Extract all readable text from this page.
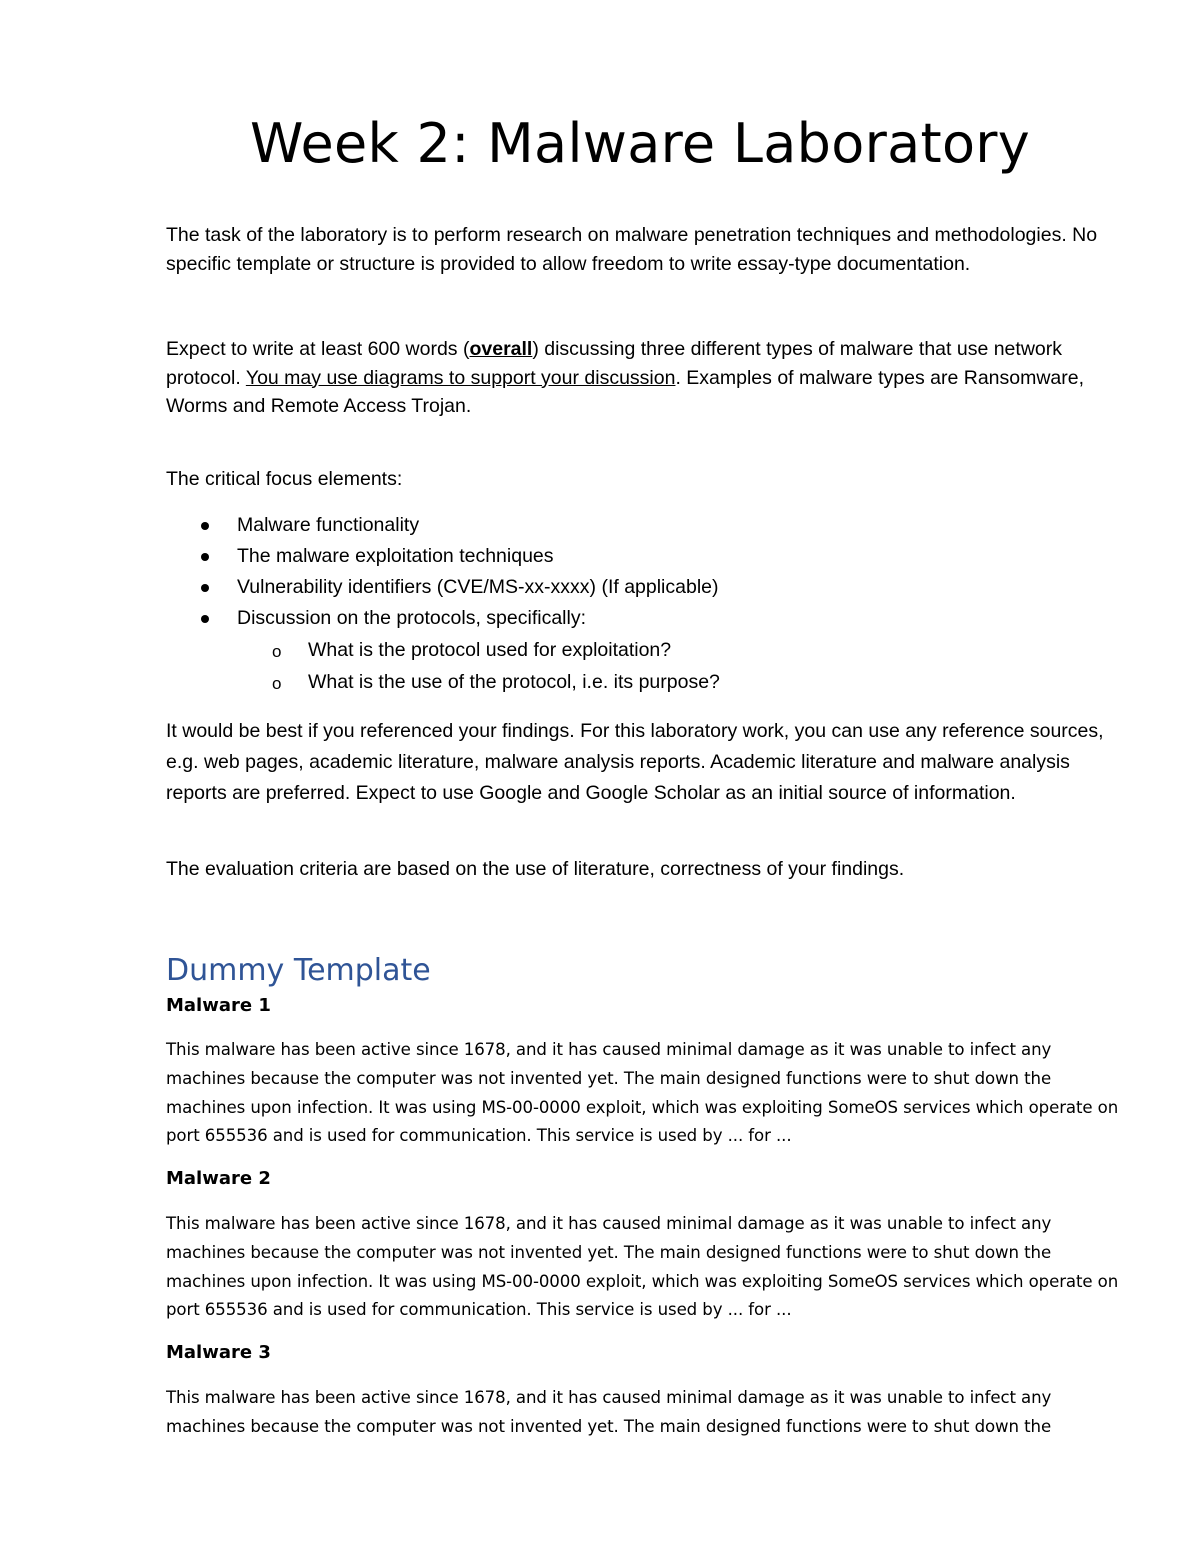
Week 2: Malware Laboratory

The task of the laboratory is to perform research on malware penetration techniques and methodologies. No specific template or structure is provided to allow freedom to write essay-type documentation.

Expect to write at least 600 words (overall) discussing three different types of malware that use network protocol. You may use diagrams to support your discussion. Examples of malware types are Ransomware, Worms and Remote Access Trojan.

The critical focus elements:

Malware functionality
The malware exploitation techniques
Vulnerability identifiers (CVE/MS-xx-xxxx) (If applicable)
Discussion on the protocols, specifically:
o What is the protocol used for exploitation?
o What is the use of the protocol, i.e. its purpose?

It would be best if you referenced your findings. For this laboratory work, you can use any reference sources, e.g. web pages, academic literature, malware analysis reports. Academic literature and malware analysis reports are preferred. Expect to use Google and Google Scholar as an initial source of information.

The evaluation criteria are based on the use of literature, correctness of your findings.

Dummy Template
Malware 1

This malware has been active since 1678, and it has caused minimal damage as it was unable to infect any machines because the computer was not invented yet. The main designed functions were to shut down the machines upon infection. It was using MS-00-0000 exploit, which was exploiting SomeOS services which operate on port 655536 and is used for communication. This service is used by ... for ...

Malware 2

This malware has been active since 1678, and it has caused minimal damage as it was unable to infect any machines because the computer was not invented yet. The main designed functions were to shut down the machines upon infection. It was using MS-00-0000 exploit, which was exploiting SomeOS services which operate on port 655536 and is used for communication. This service is used by ... for ...

Malware 3

This malware has been active since 1678, and it has caused minimal damage as it was unable to infect any machines because the computer was not invented yet. The main designed functions were to shut down the
